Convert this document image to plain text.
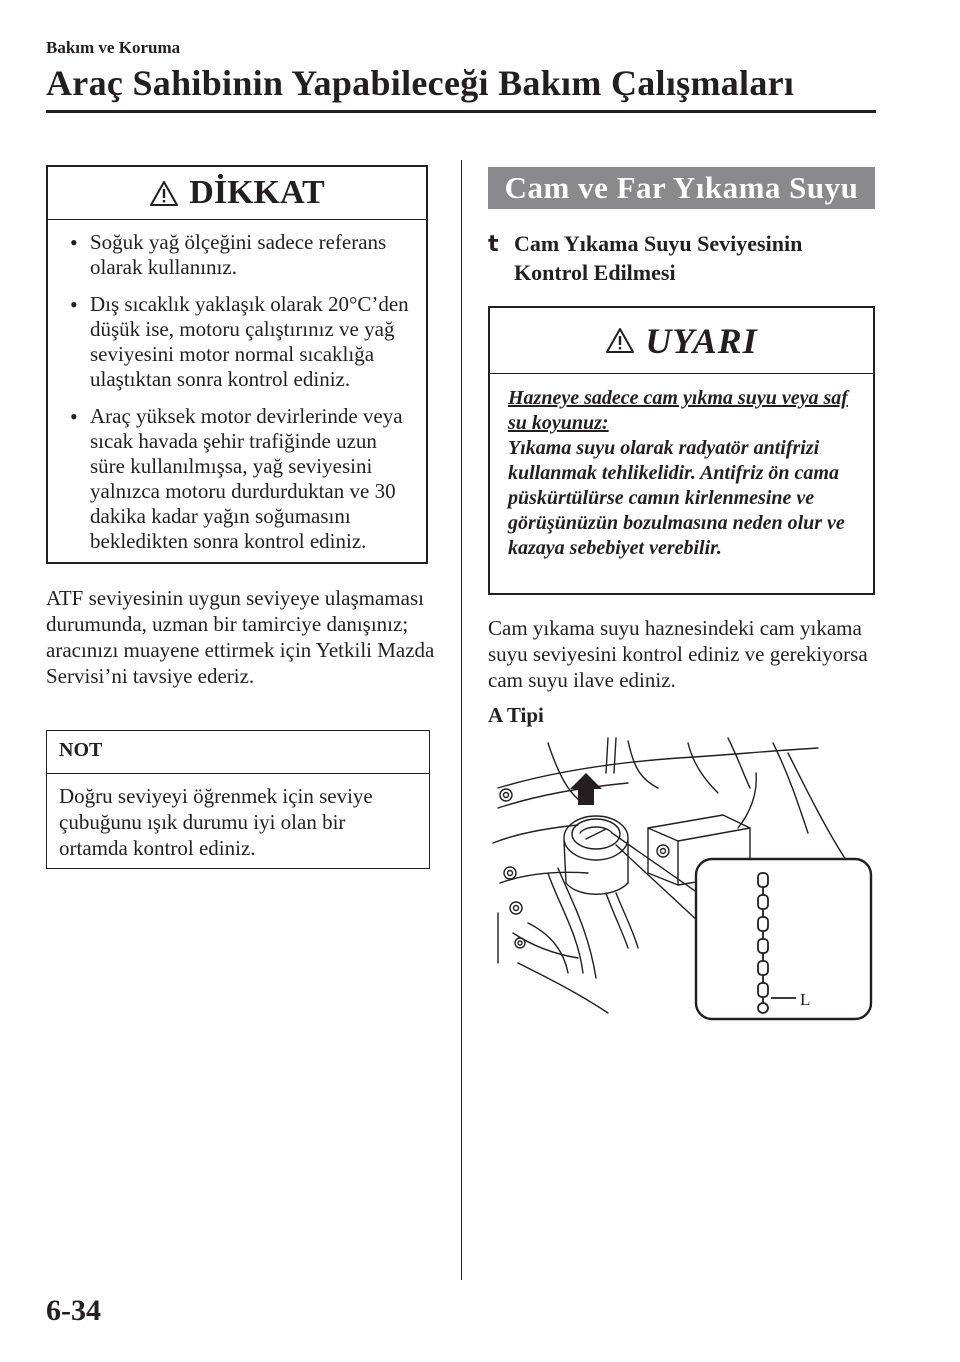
Bakım ve Koruma
Araç Sahibinin Yapabileceği Bakım Çalışmaları
DİKKAT
• Soğuk yağ ölçeğini sadece referans olarak kullanınız.
• Dış sıcaklık yaklaşık olarak 20°C’den düşük ise, motoru çalıştırınız ve yağ seviyesini motor normal sıcaklığa ulaştıktan sonra kontrol ediniz.
• Araç yüksek motor devirlerinde veya sıcak havada şehir trafiğinde uzun süre kullanılmışsa, yağ seviyesini yalnızca motoru durdurduktan ve 30 dakika kadar yağın soğumasını bekledikten sonra kontrol ediniz.
ATF seviyesinin uygun seviyeye ulaşmaması durumunda, uzman bir tamirciye danışınız; aracınızı muayene ettirmek için Yetkili Mazda Servisi’ni tavsiye ederiz.
NOT
Doğru seviyeyi öğrenmek için seviye çubuğunu ışık durumu iyi olan bir ortamda kontrol ediniz.
Cam ve Far Yıkama Suyu
t Cam Yıkama Suyu Seviyesinin
Kontrol Edilmesi
UYARI
Hazneye sadece cam yıkma suyu veya saf su koyunuz:
Yıkama suyu olarak radyatör antifrizi kullanmak tehlikelidir. Antifriz ön cama püskürtülürse camın kirlenmesine ve görüşünüzün bozulmasına neden olur ve kazaya sebebiyet verebilir.
Cam yıkama suyu haznesindeki cam yıkama suyu seviyesini kontrol ediniz ve gerekiyorsa cam suyu ilave ediniz.
A Tipi
L
6-34
